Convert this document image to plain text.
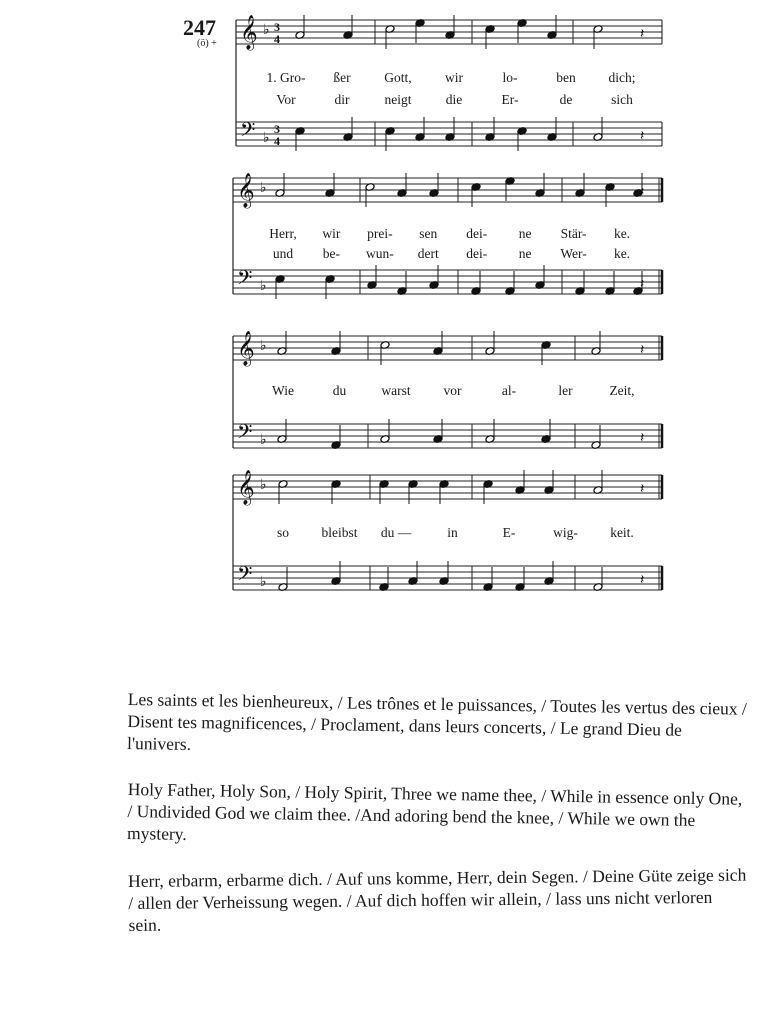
247
(ö) + 𝄞 ♭ 3
4
𝄢 ♭
3
4
𝄽
𝄽
𝄞 ♭
𝄢 ♭
𝄽
𝄽
𝄞 ♭
𝄢 ♭
𝄽
𝄽
𝄞 ♭
𝄢 ♭
𝄽
𝄽
1. Gro- ßer Gott, wir	lo-	ben dich;
Vor	dir	neigt	die	Er-	de	sich
Herr, wir prei- sen dei- ne Stär- ke.
und be- wun- dert dei- ne Wer- ke.
Wie	du	warst vor	al-	ler	Zeit,
so bleibst du —	in	E-	wig- keit.

Les saints et les bienheureux, / Les trônes et le puissances, / Toutes les vertus des cieux / Disent tes magnificences, / Proclament, dans leurs concerts, / Le grand Dieu de l'univers.

Holy Father, Holy Son, / Holy Spirit, Three we name thee, / While in essence only One, / Undivided God we claim thee. /And adoring bend the knee, / While we own the mystery.

Herr, erbarm, erbarme dich. / Auf uns komme, Herr, dein Segen. / Deine Güte zeige sich / allen der Verheissung wegen. / Auf dich hoffen wir allein, / lass uns nicht verloren sein.
